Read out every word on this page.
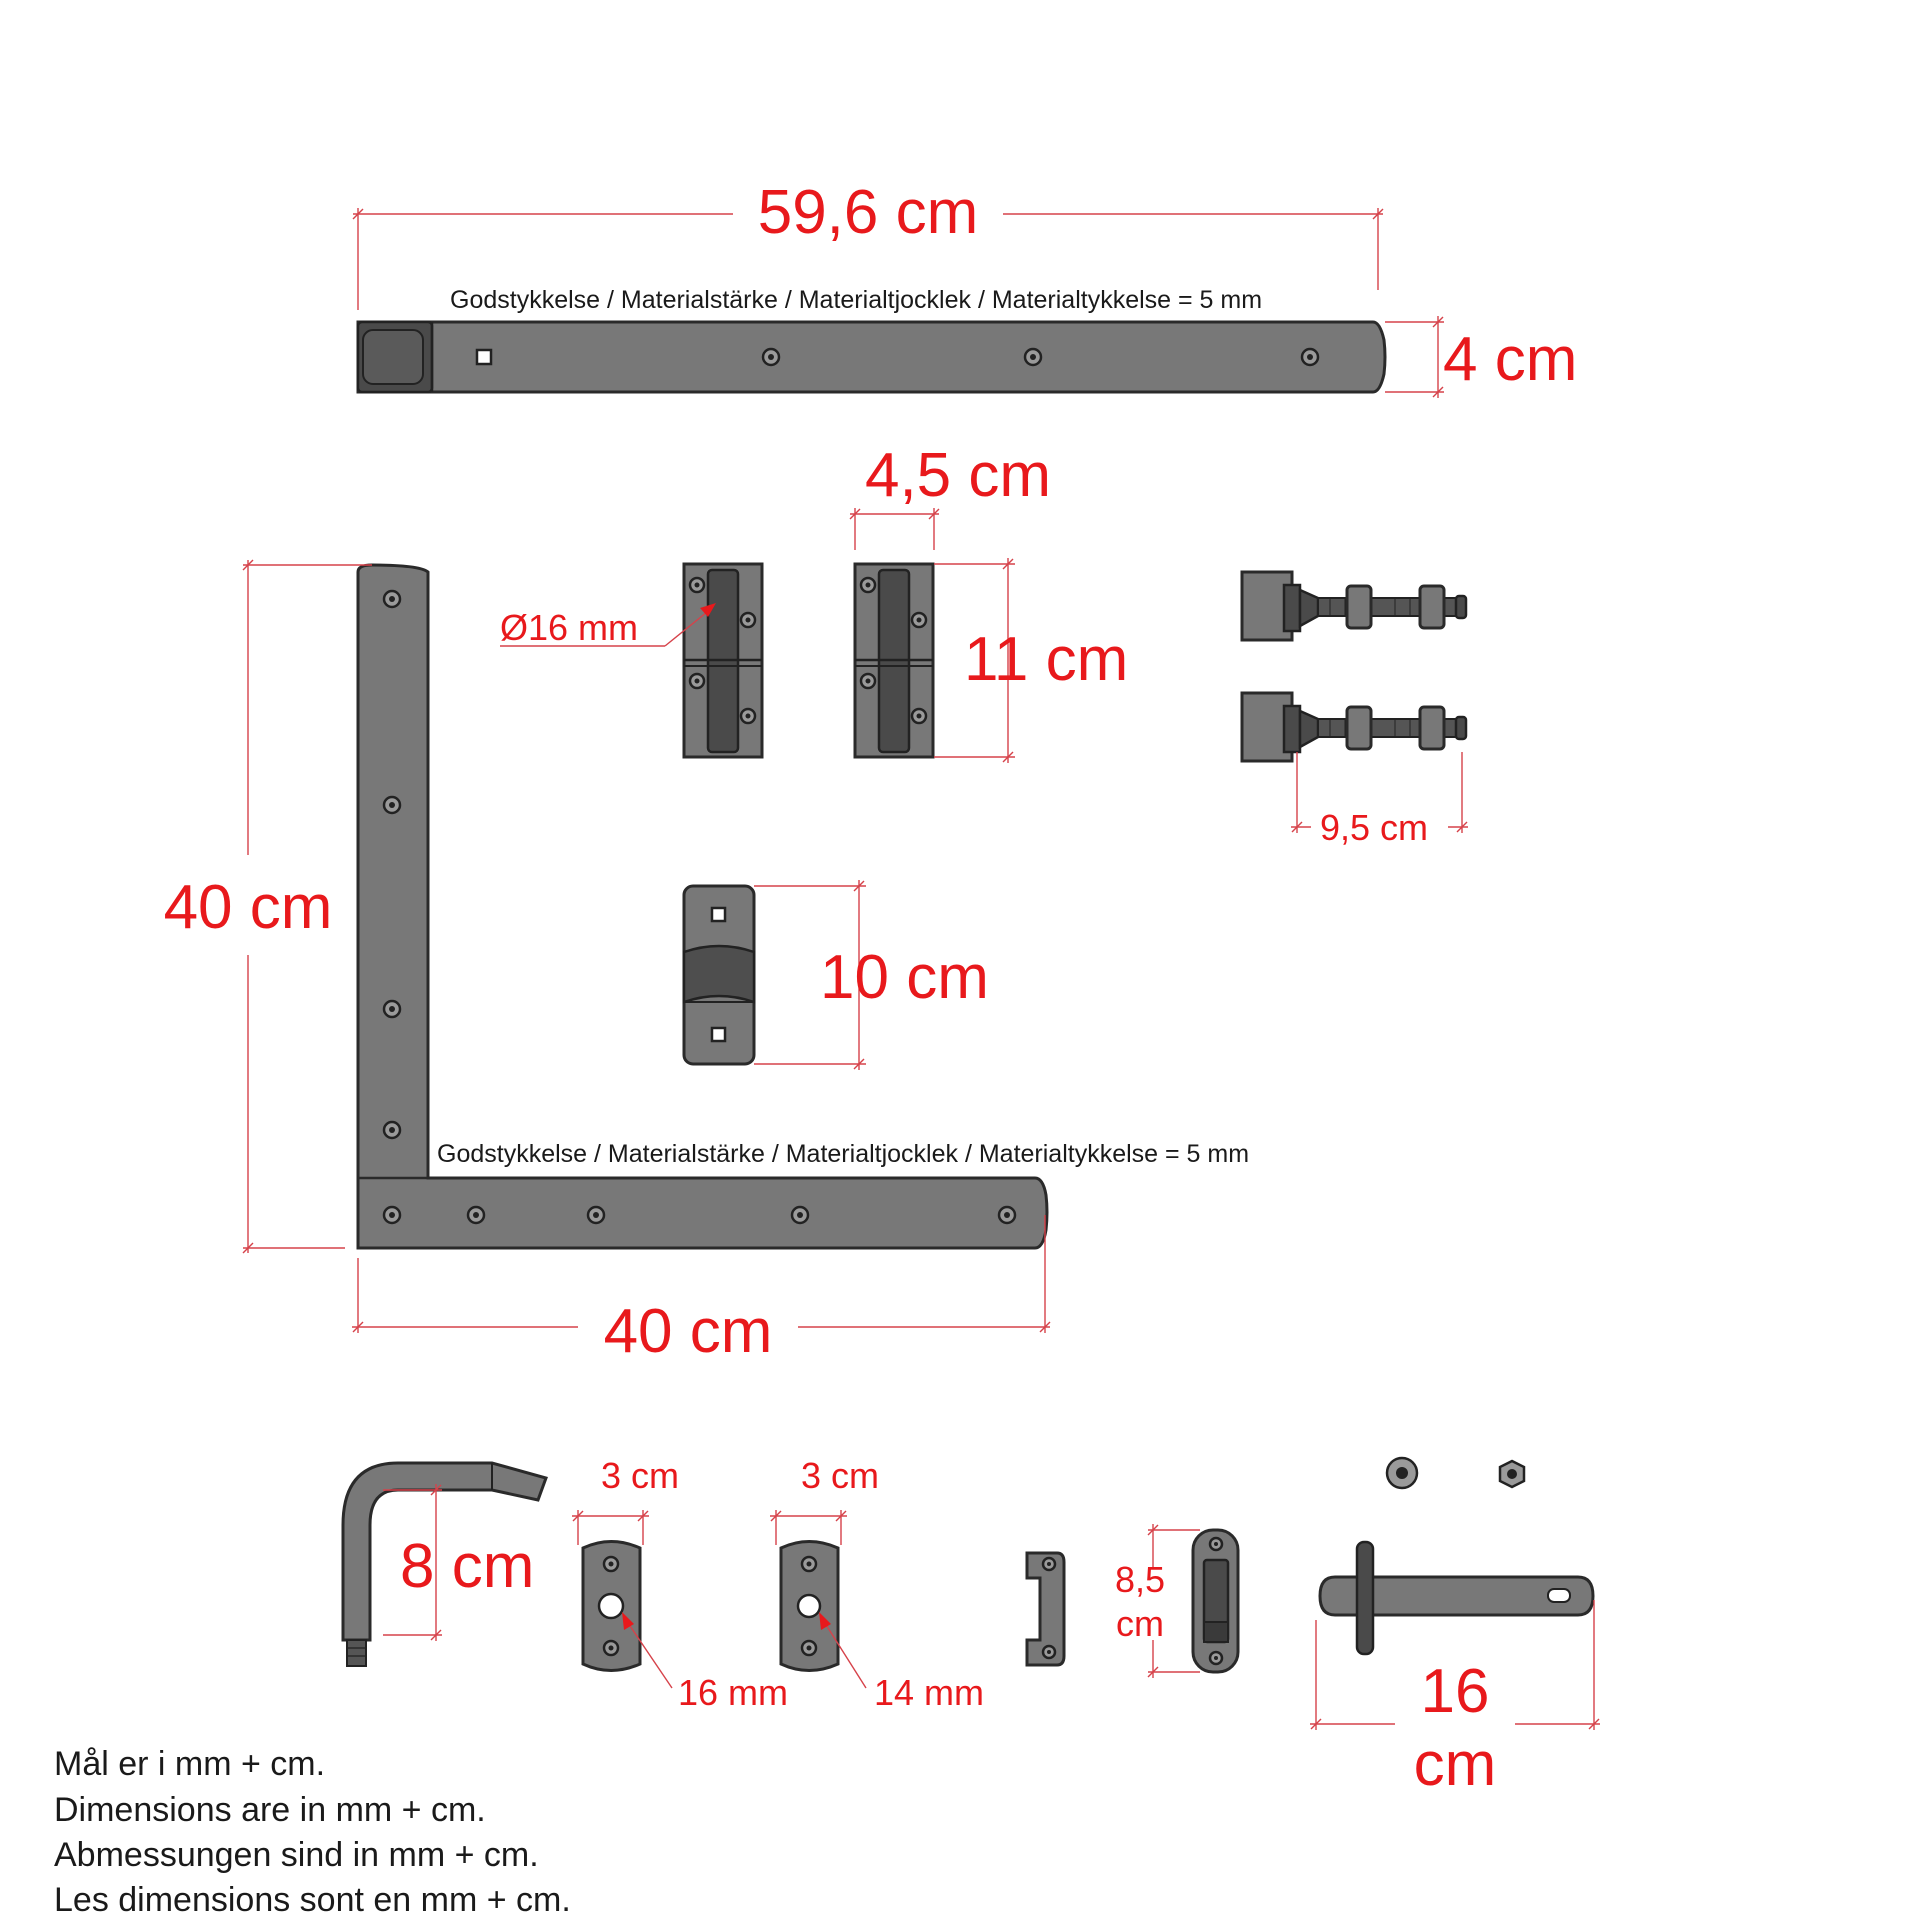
59,6 cm
Godstykkelse / Materialstärke / Materialtjocklek / Materialtykkelse = 5 mm
4 cm
40 cm
Godstykkelse / Materialstärke / Materialtjocklek / Materialtykkelse = 5 mm
40 cm
Ø16 mm
4,5 cm
11 cm
9,5 cm
10 cm
8 cm
3 cm
16 mm
3 cm
14 mm
8,5
cm
16
cm
Mål er i mm + cm.
Dimensions are in mm + cm.
Abmessungen sind in mm + cm.
Les dimensions sont en mm + cm.
